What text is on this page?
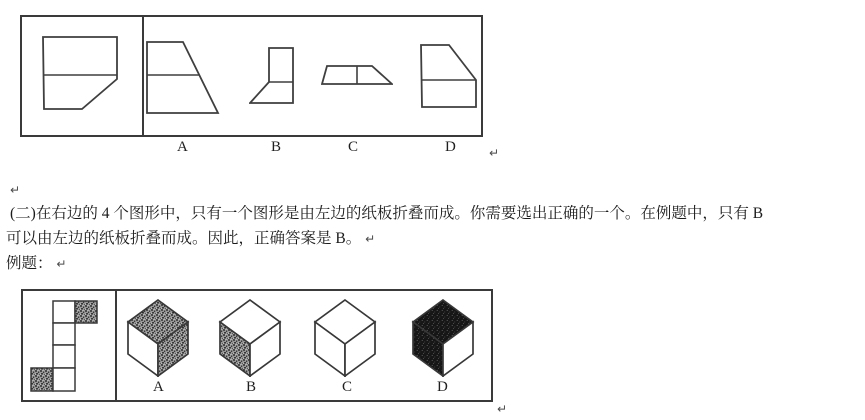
A	B	C	D	↵
↵
(二)在右边的 4 个图形中，只有一个图形是由左边的纸板折叠而成。你需要选出正确的一个。在例题中，只有 B
可以由左边的纸板折叠而成。因此，正确答案是 B。 ↵
例题： ↵
A	B	C	D
↵
